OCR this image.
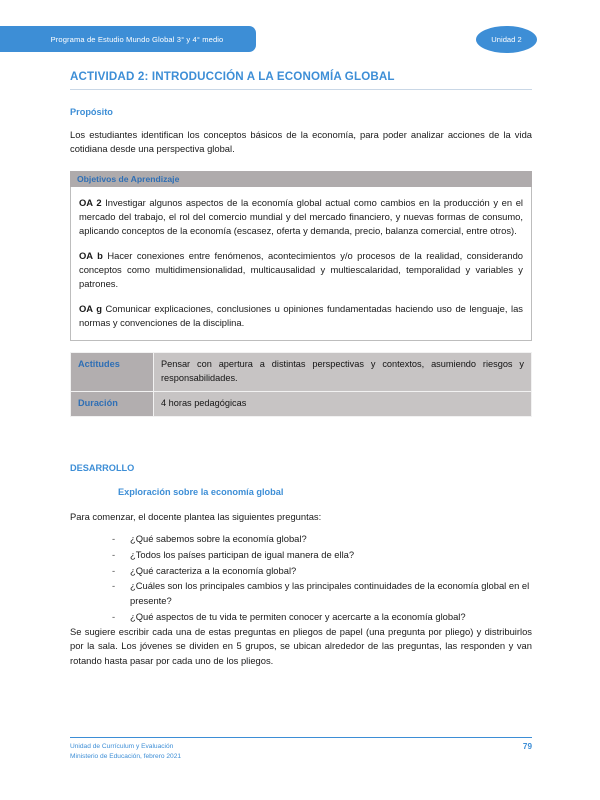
Programa de Estudio Mundo Global 3° y 4° medio	Unidad 2
ACTIVIDAD 2: INTRODUCCIÓN A LA ECONOMÍA GLOBAL
Propósito

Los estudiantes identifican los conceptos básicos de la economía, para poder analizar acciones de la vida cotidiana desde una perspectiva global.

Objetivos de Aprendizaje

OA 2 Investigar algunos aspectos de la economía global actual como cambios en la producción y en el mercado del trabajo, el rol del comercio mundial y del mercado financiero, y nuevas formas de consumo, aplicando conceptos de la economía (escasez, oferta y demanda, precio, balanza comercial, entre otros).

OA b Hacer conexiones entre fenómenos, acontecimientos y/o procesos de la realidad, considerando conceptos como multidimensionalidad, multicausalidad y multiescalaridad, temporalidad y variables y patrones.

OA g Comunicar explicaciones, conclusiones u opiniones fundamentadas haciendo uso de lenguaje, las normas y convenciones de la disciplina.

Actitudes	Pensar con apertura a distintas perspectivas y contextos, asumiendo riesgos y responsabilidades.
Duración	4 horas pedagógicas
DESARROLLO
Exploración sobre la economía global

Para comenzar, el docente plantea las siguientes preguntas:

- ¿Qué sabemos sobre la economía global?
- ¿Todos los países participan de igual manera de ella?
- ¿Qué caracteriza a la economía global?
- ¿Cuáles son los principales cambios y las principales continuidades de la economía global en el presente?
- ¿Qué aspectos de tu vida te permiten conocer y acercarte a la economía global?

Se sugiere escribir cada una de estas preguntas en pliegos de papel (una pregunta por pliego) y distribuirlos por la sala. Los jóvenes se dividen en 5 grupos, se ubican alrededor de las preguntas, las responden y van rotando hasta pasar por cada uno de los pliegos.

Unidad de Currículum y Evaluación
Ministerio de Educación, febrero 2021
79
